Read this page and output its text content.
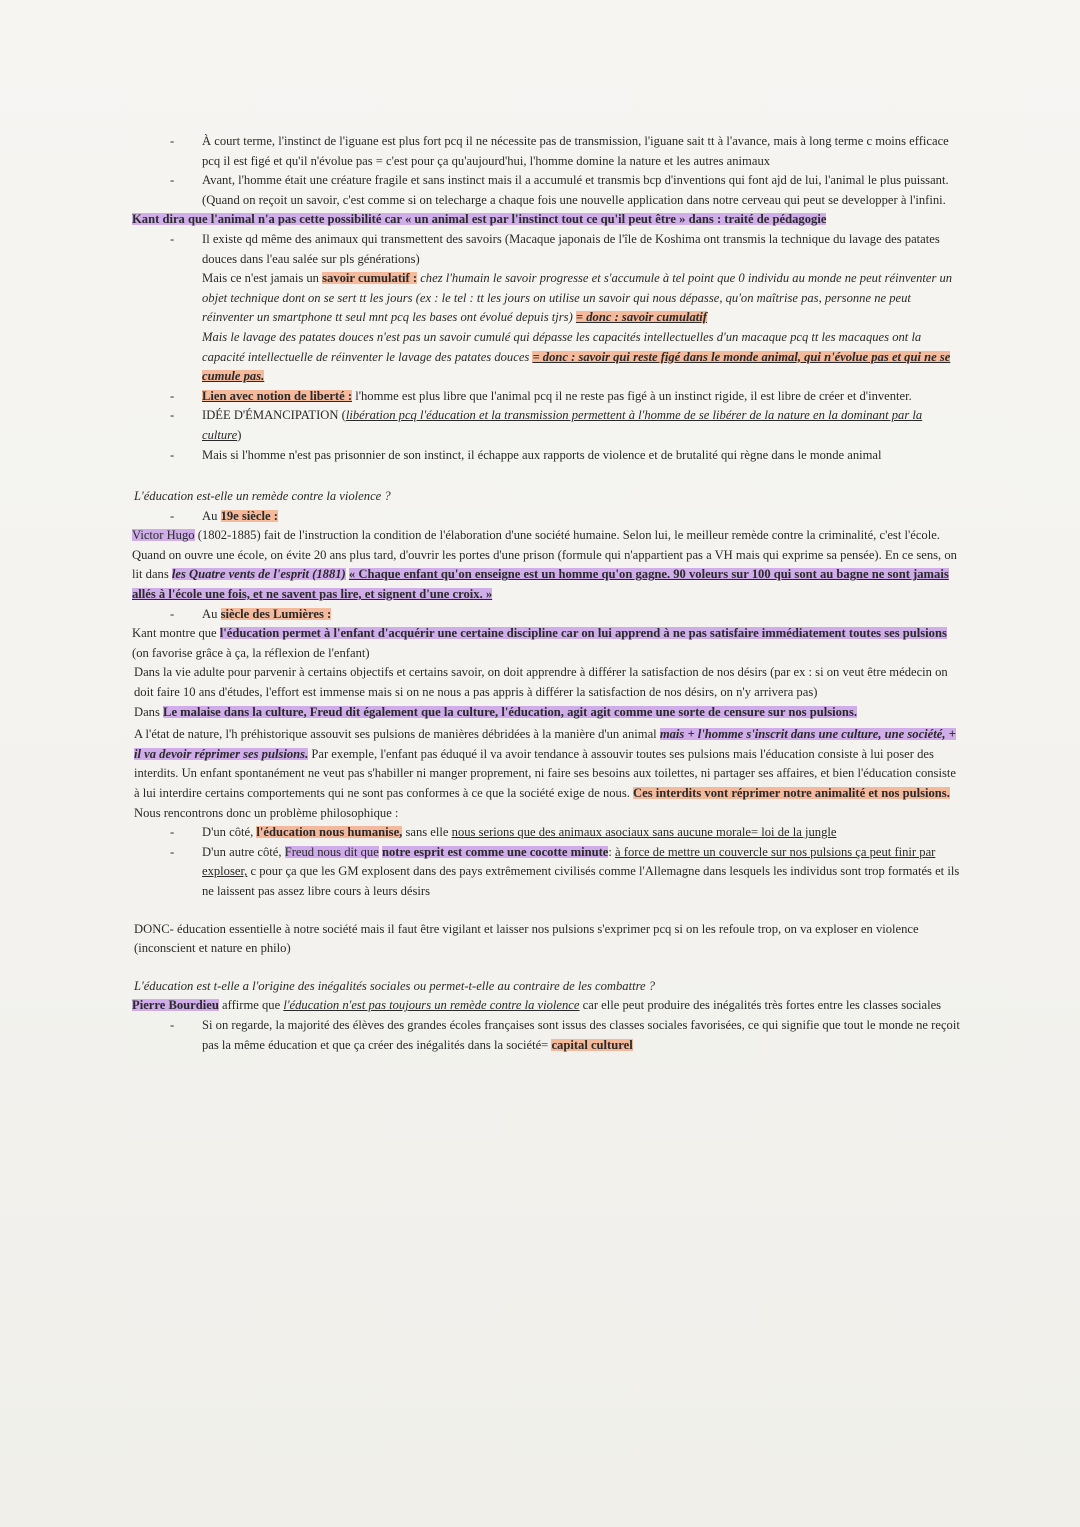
- À court terme, l'instinct de l'iguane est plus fort pcq il ne nécessite pas de transmission, l'iguane sait tt à l'avance, mais à long terme c moins efficace pcq il est figé et qu'il n'évolue pas = c'est pour ça qu'aujourd'hui, l'homme domine la nature et les autres animaux
- Avant, l'homme était une créature fragile et sans instinct mais il a accumulé et transmis bcp d'inventions qui font ajd de lui, l'animal le plus puissant. (Quand on reçoit un savoir, c'est comme si on telecharge a chaque fois une nouvelle application dans notre cerveau qui peut se developper à l'infini.
Kant dira que l'animal n'a pas cette possibilité car « un animal est par l'instinct tout ce qu'il peut être » dans : traité de pédagogie
- Il existe qd même des animaux qui transmettent des savoirs (Macaque japonais de l'île de Koshima ont transmis la technique du lavage des patates douces dans l'eau salée sur pls générations)
Mais ce n'est jamais un savoir cumulatif : chez l'humain le savoir progresse et s'accumule à tel point que 0 individu au monde ne peut réinventer un objet technique dont on se sert tt les jours (ex : le tel : tt les jours on utilise un savoir qui nous dépasse, qu'on maîtrise pas, personne ne peut réinventer un smartphone tt seul mnt pcq les bases ont évolué depuis tjrs) = donc : savoir cumulatif
Mais le lavage des patates douces n'est pas un savoir cumulé qui dépasse les capacités intellectuelles d'un macaque pcq tt les macaques ont la capacité intellectuelle de réinventer le lavage des patates douces = donc : savoir qui reste figé dans le monde animal, qui n'évolue pas et qui ne se cumule pas.
- Lien avec notion de liberté : l'homme est plus libre que l'animal pcq il ne reste pas figé à un instinct rigide, il est libre de créer et d'inventer.
- IDÉE D'ÉMANCIPATION (libération pcq l'éducation et la transmission permettent à l'homme de se libérer de la nature en la dominant par la culture)
- Mais si l'homme n'est pas prisonnier de son instinct, il échappe aux rapports de violence et de brutalité qui règne dans le monde animal
L'éducation est-elle un remède contre la violence ?
- Au 19e siècle :
Victor Hugo (1802-1885) fait de l'instruction la condition de l'élaboration d'une société humaine. Selon lui, le meilleur remède contre la criminalité, c'est l'école. Quand on ouvre une école, on évite 20 ans plus tard, d'ouvrir les portes d'une prison (formule qui n'appartient pas a VH mais qui exprime sa pensée). En ce sens, on lit dans les Quatre vents de l'esprit (1881) « Chaque enfant qu'on enseigne est un homme qu'on gagne. 90 voleurs sur 100 qui sont au bagne ne sont jamais allés à l'école une fois, et ne savent pas lire, et signent d'une croix. »
- Au siècle des Lumières :
Kant montre que l'éducation permet à l'enfant d'acquérir une certaine discipline car on lui apprend à ne pas satisfaire immédiatement toutes ses pulsions (on favorise grâce à ça, la réflexion de l'enfant)
Dans la vie adulte pour parvenir à certains objectifs et certains savoir, on doit apprendre à différer la satisfaction de nos désirs (par ex : si on veut être médecin on doit faire 10 ans d'études, l'effort est immense mais si on ne nous a pas appris à différer la satisfaction de nos désirs, on n'y arrivera pas)
Dans Le malaise dans la culture, Freud dit également que la culture, l'éducation, agit agit comme une sorte de censure sur nos pulsions.
A l'état de nature, l'h préhistorique assouvit ses pulsions de manières débridées à la manière d'un animal mais + l'homme s'inscrit dans une culture, une société, + il va devoir réprimer ses pulsions. Par exemple, l'enfant pas éduqué il va avoir tendance à assouvir toutes ses pulsions mais l'éducation consiste à lui poser des interdits. Un enfant spontanément ne veut pas s'habiller ni manger proprement, ni faire ses besoins aux toilettes, ni partager ses affaires, et bien l'éducation consiste à lui interdire certains comportements qui ne sont pas conformes à ce que la société exige de nous. Ces interdits vont réprimer notre animalité et nos pulsions.
Nous rencontrons donc un problème philosophique :
- D'un côté, l'éducation nous humanise, sans elle nous serions que des animaux asociaux sans aucune morale= loi de la jungle
- D'un autre côté, Freud nous dit que notre esprit est comme une cocotte minute: à force de mettre un couvercle sur nos pulsions ça peut finir par exploser, c pour ça que les GM explosent dans des pays extrêmement civilisés comme l'Allemagne dans lesquels les individus sont trop formatés et ils ne laissent pas assez libre cours à leurs désirs
DONC- éducation essentielle à notre société mais il faut être vigilant et laisser nos pulsions s'exprimer pcq si on les refoule trop, on va exploser en violence (inconscient et nature en philo)
L'éducation est t-elle a l'origine des inégalités sociales ou permet-t-elle au contraire de les combattre ?
Pierre Bourdieu affirme que l'éducation n'est pas toujours un remède contre la violence car elle peut produire des inégalités très fortes entre les classes sociales
- Si on regarde, la majorité des élèves des grandes écoles françaises sont issus des classes sociales favorisées, ce qui signifie que tout le monde ne reçoit pas la même éducation et que ça créer des inégalités dans la société= capital culturel
